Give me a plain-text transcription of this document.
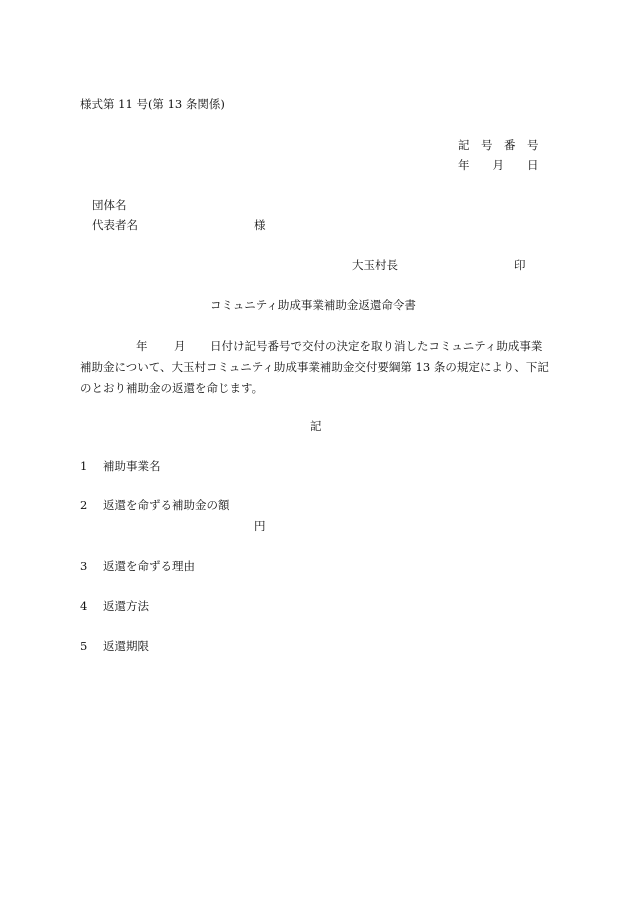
様式第 11 号(第 13 条関係)
記　号　番　号
年　　月　　日
団体名
代表者名	様
大玉村長	印
コミュニティ助成事業補助金返還命令書
年 月 日付け記号番号で交付の決定を取り消したコミュニティ助成事業
補助金について、大玉村コミュニティ助成事業補助金交付要綱第 13 条の規定により、下記
のとおり補助金の返還を命じます。
記
1 補助事業名
2 返還を命ずる補助金の額
円
3 返還を命ずる理由
4 返還方法
5 返還期限
